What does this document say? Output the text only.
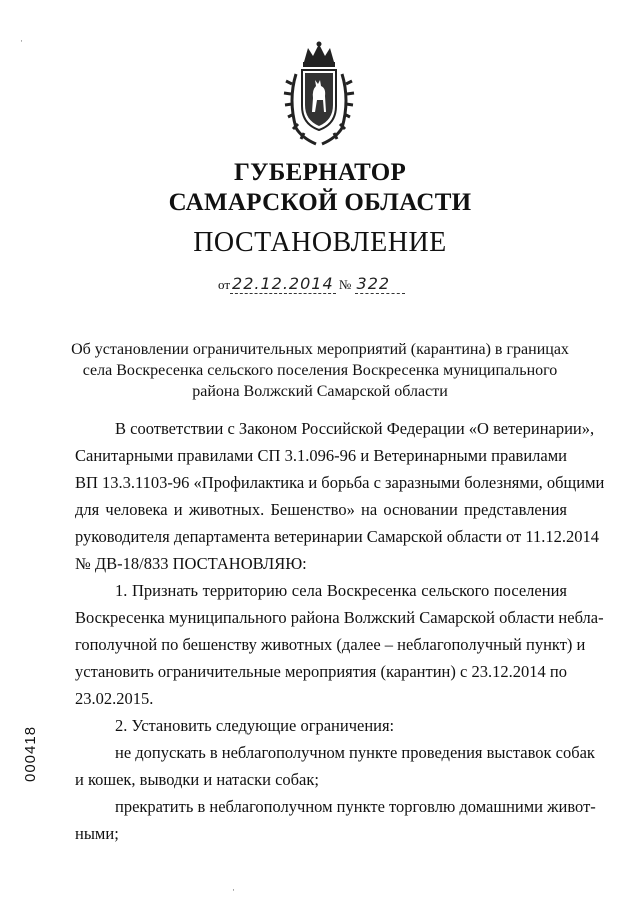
·
ГУБЕРНАТОР
САМАРСКОЙ ОБЛАСТИ
ПОСТАНОВЛЕНИЕ
от 22.12.2014 № 322
Об установлении ограничительных мероприятий (карантина) в границах
села Воскресенка сельского поселения Воскресенка муниципального
района Волжский Самарской области
В соответствии с Законом Российской Федерации «О ветеринарии»,
Санитарными правилами СП 3.1.096-96 и Ветеринарными правилами
ВП 13.3.1103-96 «Профилактика и борьба с заразными болезнями, общими
для человека и животных. Бешенство» на основании представления
руководителя департамента ветеринарии Самарской области от 11.12.2014
№ ДВ-18/833 ПОСТАНОВЛЯЮ:
1. Признать территорию села Воскресенка сельского поселения
Воскресенка муниципального района Волжский Самарской области небла-
гополучной по бешенству животных (далее – неблагополучный пункт) и
установить ограничительные мероприятия (карантин) с 23.12.2014 по
23.02.2015.
2. Установить следующие ограничения:
не допускать в неблагополучном пункте проведения выставок собак
и кошек, выводки и натаски собак;
прекратить в неблагополучном пункте торговлю домашними живот-
ными;
000418
·
